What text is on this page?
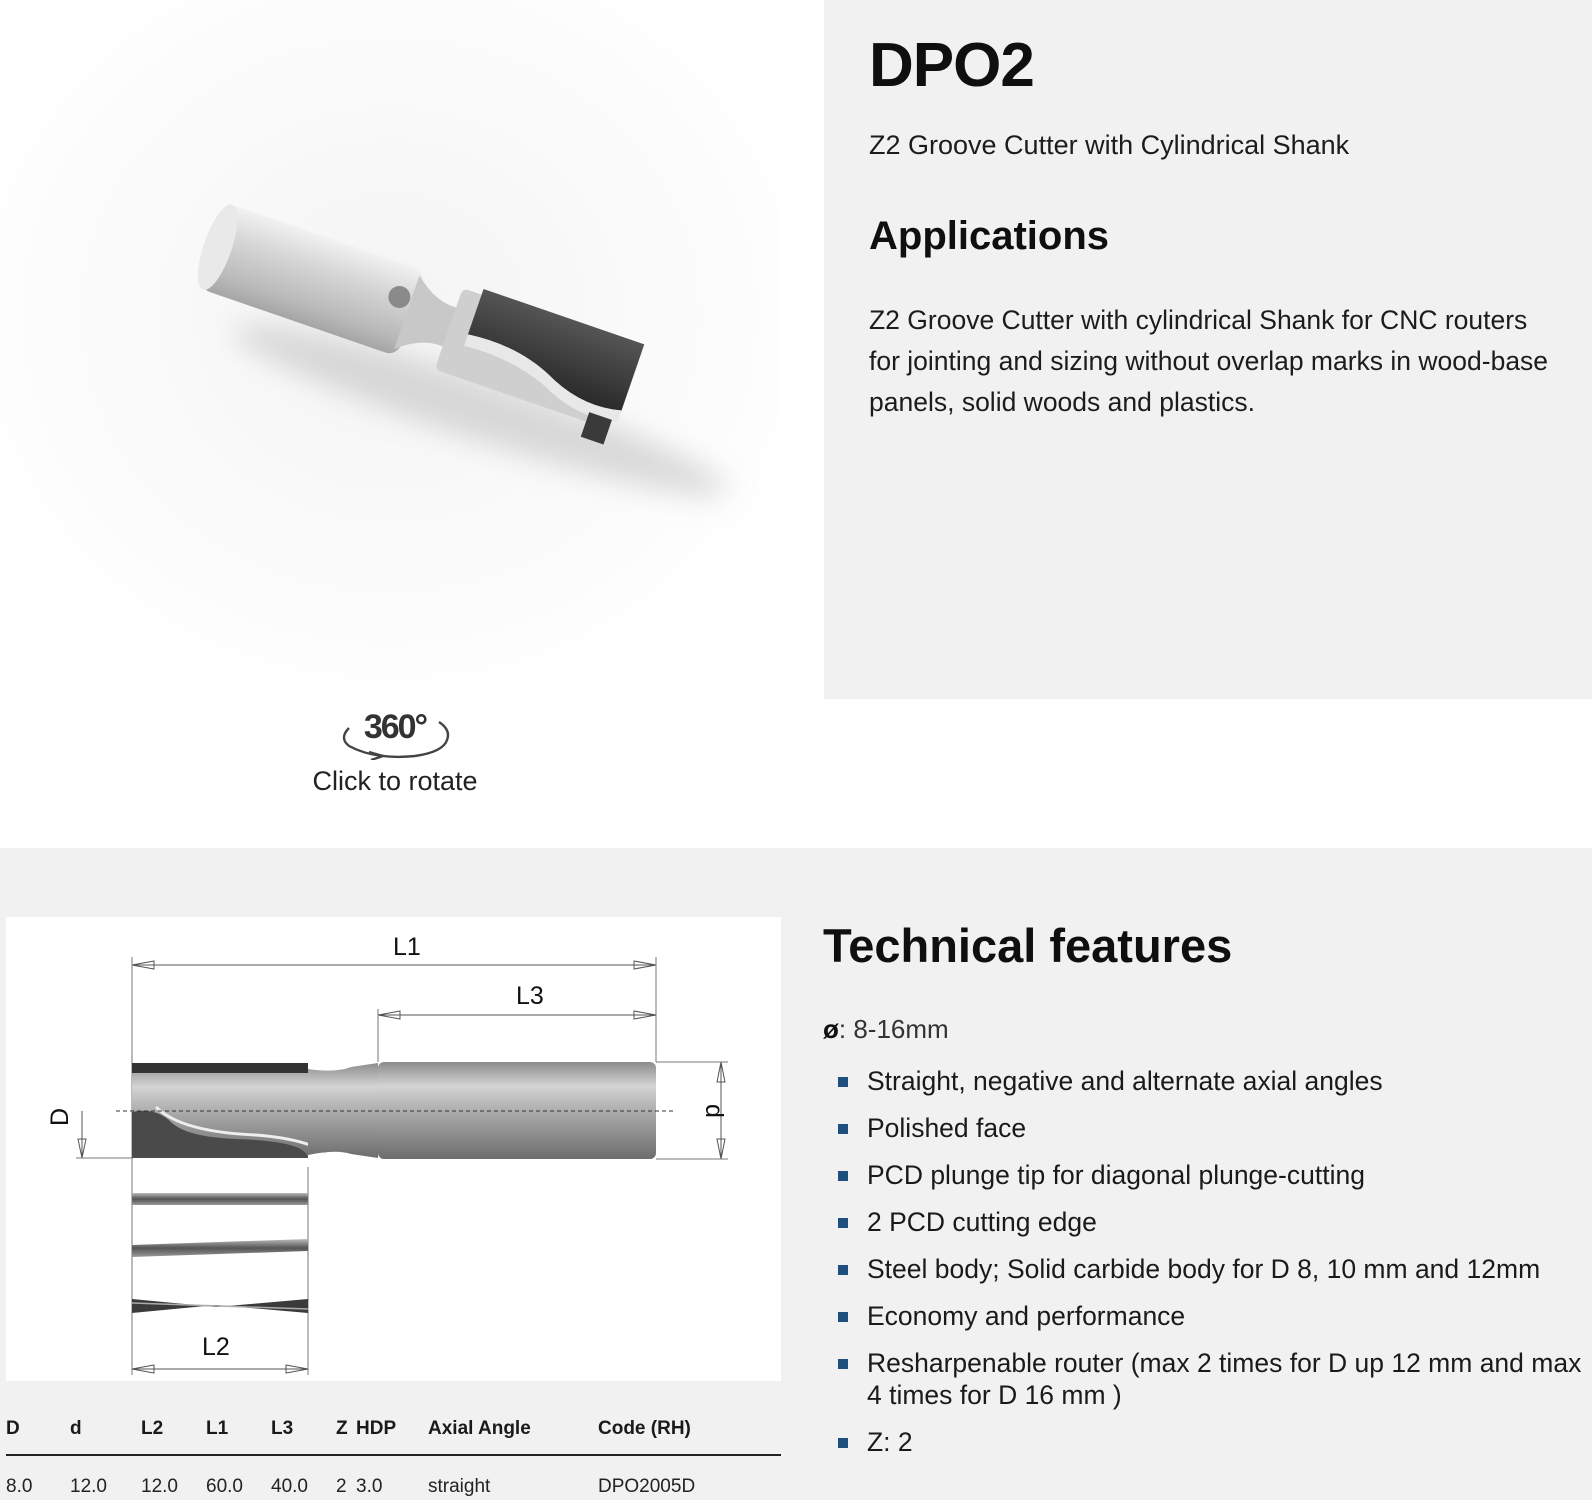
360°
Click to rotate
DPO2

Z2 Groove Cutter with Cylindrical Shank

Applications

Z2 Groove Cutter with cylindrical Shank for CNC routers for jointing and sizing without overlap marks in wood-base panels, solid woods and plastics.

L1
L3
D	d
L2
D	d	L2	L1	L3	Z	HDP	Axial Angle	Code (RH)
8.0	12.0	12.0	60.0	40.0	2	3.0	straight	DPO2005D
Technical features

ø: 8-16mm

Straight, negative and alternate axial angles
Polished face
PCD plunge tip for diagonal plunge-cutting
2 PCD cutting edge
Steel body; Solid carbide body for D 8, 10 mm and 12mm
Economy and performance
Resharpenable router (max 2 times for D up 12 mm and max 4 times for D 16 mm )
Z: 2
